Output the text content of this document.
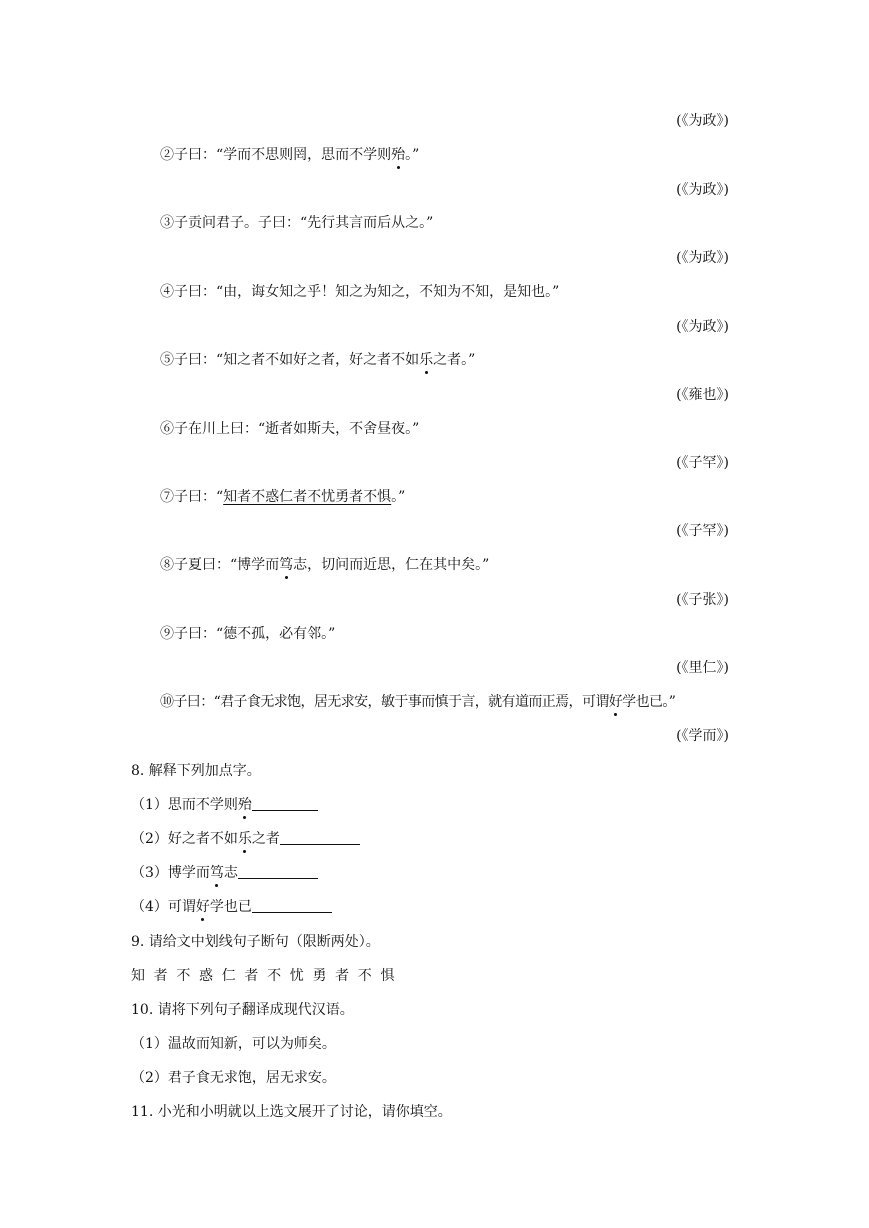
(《为政》)
(《为政》)
(《为政》)
(《为政》)
(《雍也》)
(《子罕》)
(《子罕》)
(《子张》)
(《里仁》)
(《学而》)
②子曰：“学而不思则罔，思而不学则殆。”
③子贡问君子。子曰：“先行其言而后从之。”
④子曰：“由，诲女知之乎！知之为知之，不知为不知，是知也。”
⑤子曰：“知之者不如好之者，好之者不如乐之者。”
⑥子在川上曰：“逝者如斯夫，不舍昼夜。”
⑦子曰：“知者不惑仁者不忧勇者不惧。”
⑧子夏曰：“博学而笃志，切问而近思，仁在其中矣。”
⑨子曰：“德不孤，必有邻。”
⑩子曰：“君子食无求饱，居无求安，敏于事而慎于言，就有道而正焉，可谓好学也已。”
8. 解释下列加点字。
（1）思而不学则殆
（2）好之者不如乐之者
（3）博学而笃志
（4）可谓好学也已
9. 请给文中划线句子断句（限断两处）。
知者不惑仁者不忧勇者不惧
10. 请将下列句子翻译成现代汉语。
（1）温故而知新，可以为师矣。
（2）君子食无求饱，居无求安。
11. 小光和小明就以上选文展开了讨论，请你填空。
